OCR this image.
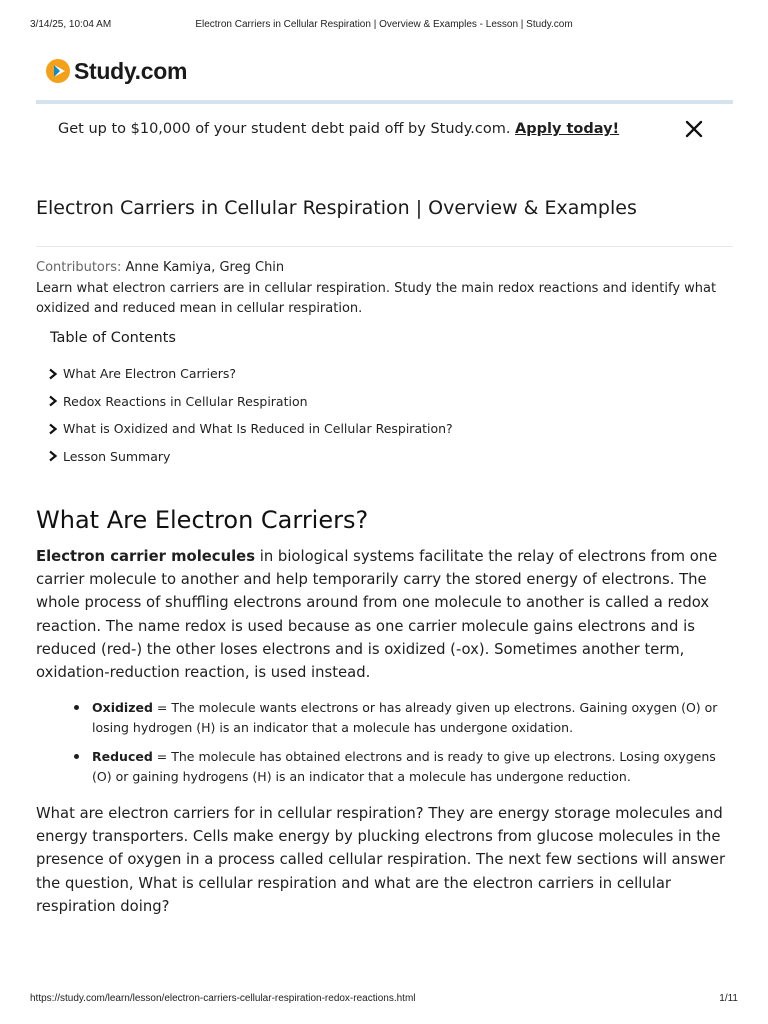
3/14/25, 10:04 AM	Electron Carriers in Cellular Respiration | Overview & Examples - Lesson | Study.com
Study.com
Get up to $10,000 of your student debt paid off by Study.com. Apply today!
Electron Carriers in Cellular Respiration | Overview & Examples
Contributors: Anne Kamiya, Greg Chin

Learn what electron carriers are in cellular respiration. Study the main redox reactions and identify what oxidized and reduced mean in cellular respiration.

Table of Contents
What Are Electron Carriers?
Redox Reactions in Cellular Respiration
What is Oxidized and What Is Reduced in Cellular Respiration?
Lesson Summary
What Are Electron Carriers?

Electron carrier molecules in biological systems facilitate the relay of electrons from one carrier molecule to another and help temporarily carry the stored energy of electrons. The whole process of shuffling electrons around from one molecule to another is called a redox reaction. The name redox is used because as one carrier molecule gains electrons and is reduced (red-) the other loses electrons and is oxidized (-ox). Sometimes another term, oxidation-reduction reaction, is used instead.

Oxidized = The molecule wants electrons or has already given up electrons. Gaining oxygen (O) or losing hydrogen (H) is an indicator that a molecule has undergone oxidation.
Reduced = The molecule has obtained electrons and is ready to give up electrons. Losing oxygens (O) or gaining hydrogens (H) is an indicator that a molecule has undergone reduction.

What are electron carriers for in cellular respiration? They are energy storage molecules and energy transporters. Cells make energy by plucking electrons from glucose molecules in the presence of oxygen in a process called cellular respiration. The next few sections will answer the question, What is cellular respiration and what are the electron carriers in cellular respiration doing?

https://study.com/learn/lesson/electron-carriers-cellular-respiration-redox-reactions.html	1/11
